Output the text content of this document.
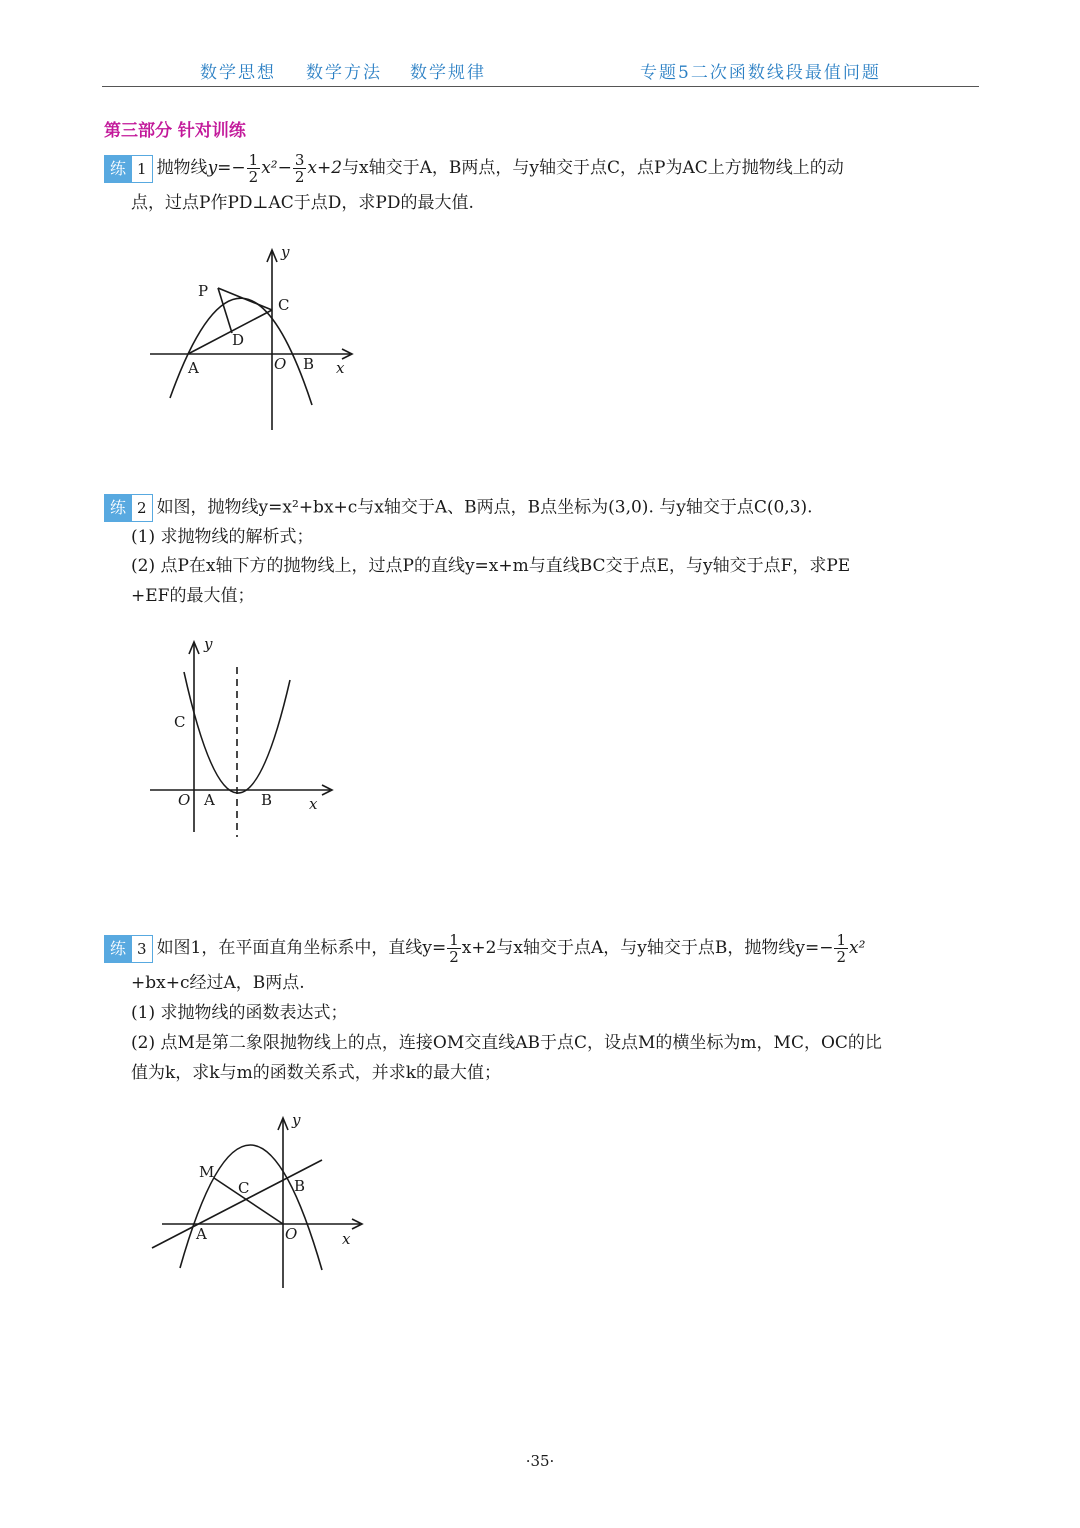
数学思想 数学方法 数学规律	专题5二次函数线段最值问题
第三部分 针对训练
练 1 抛物线$y=- \frac{1}{2} x^2- \frac{3}{2} x+2$与x轴交于A，B两点，与y轴交于点C，点P为AC上方抛物线上的动
点，过点P作PD⊥AC于点D，求PD的最大值.
y
P
C
D
A	O B x
练 2 如图，抛物线y=x²+bx+c与x轴交于A、B两点，B点坐标为(3,0). 与y轴交于点C(0,3).
(1) 求抛物线的解析式；
(2) 点P在x轴下方的抛物线上，过点P的直线y=x+m与直线BC交于点E，与y轴交于点F，求PE
+EF的最大值；
y
C
O A	B x
练 3 如图1，在平面直角坐标系中，直线$y= \frac{1}{2} x+2$与x轴交于点A，与y轴交于点B，抛物线$y=- \frac{1}{2} x^2$
+bx+c经过A，B两点.
(1) 求抛物线的函数表达式；
(2) 点M是第二象限抛物线上的点，连接OM交直线AB于点C，设点M的横坐标为m，MC，OC的比
值为k，求k与m的函数关系式，并求k的最大值；
y
M
C	B
A	O	x
·35·
